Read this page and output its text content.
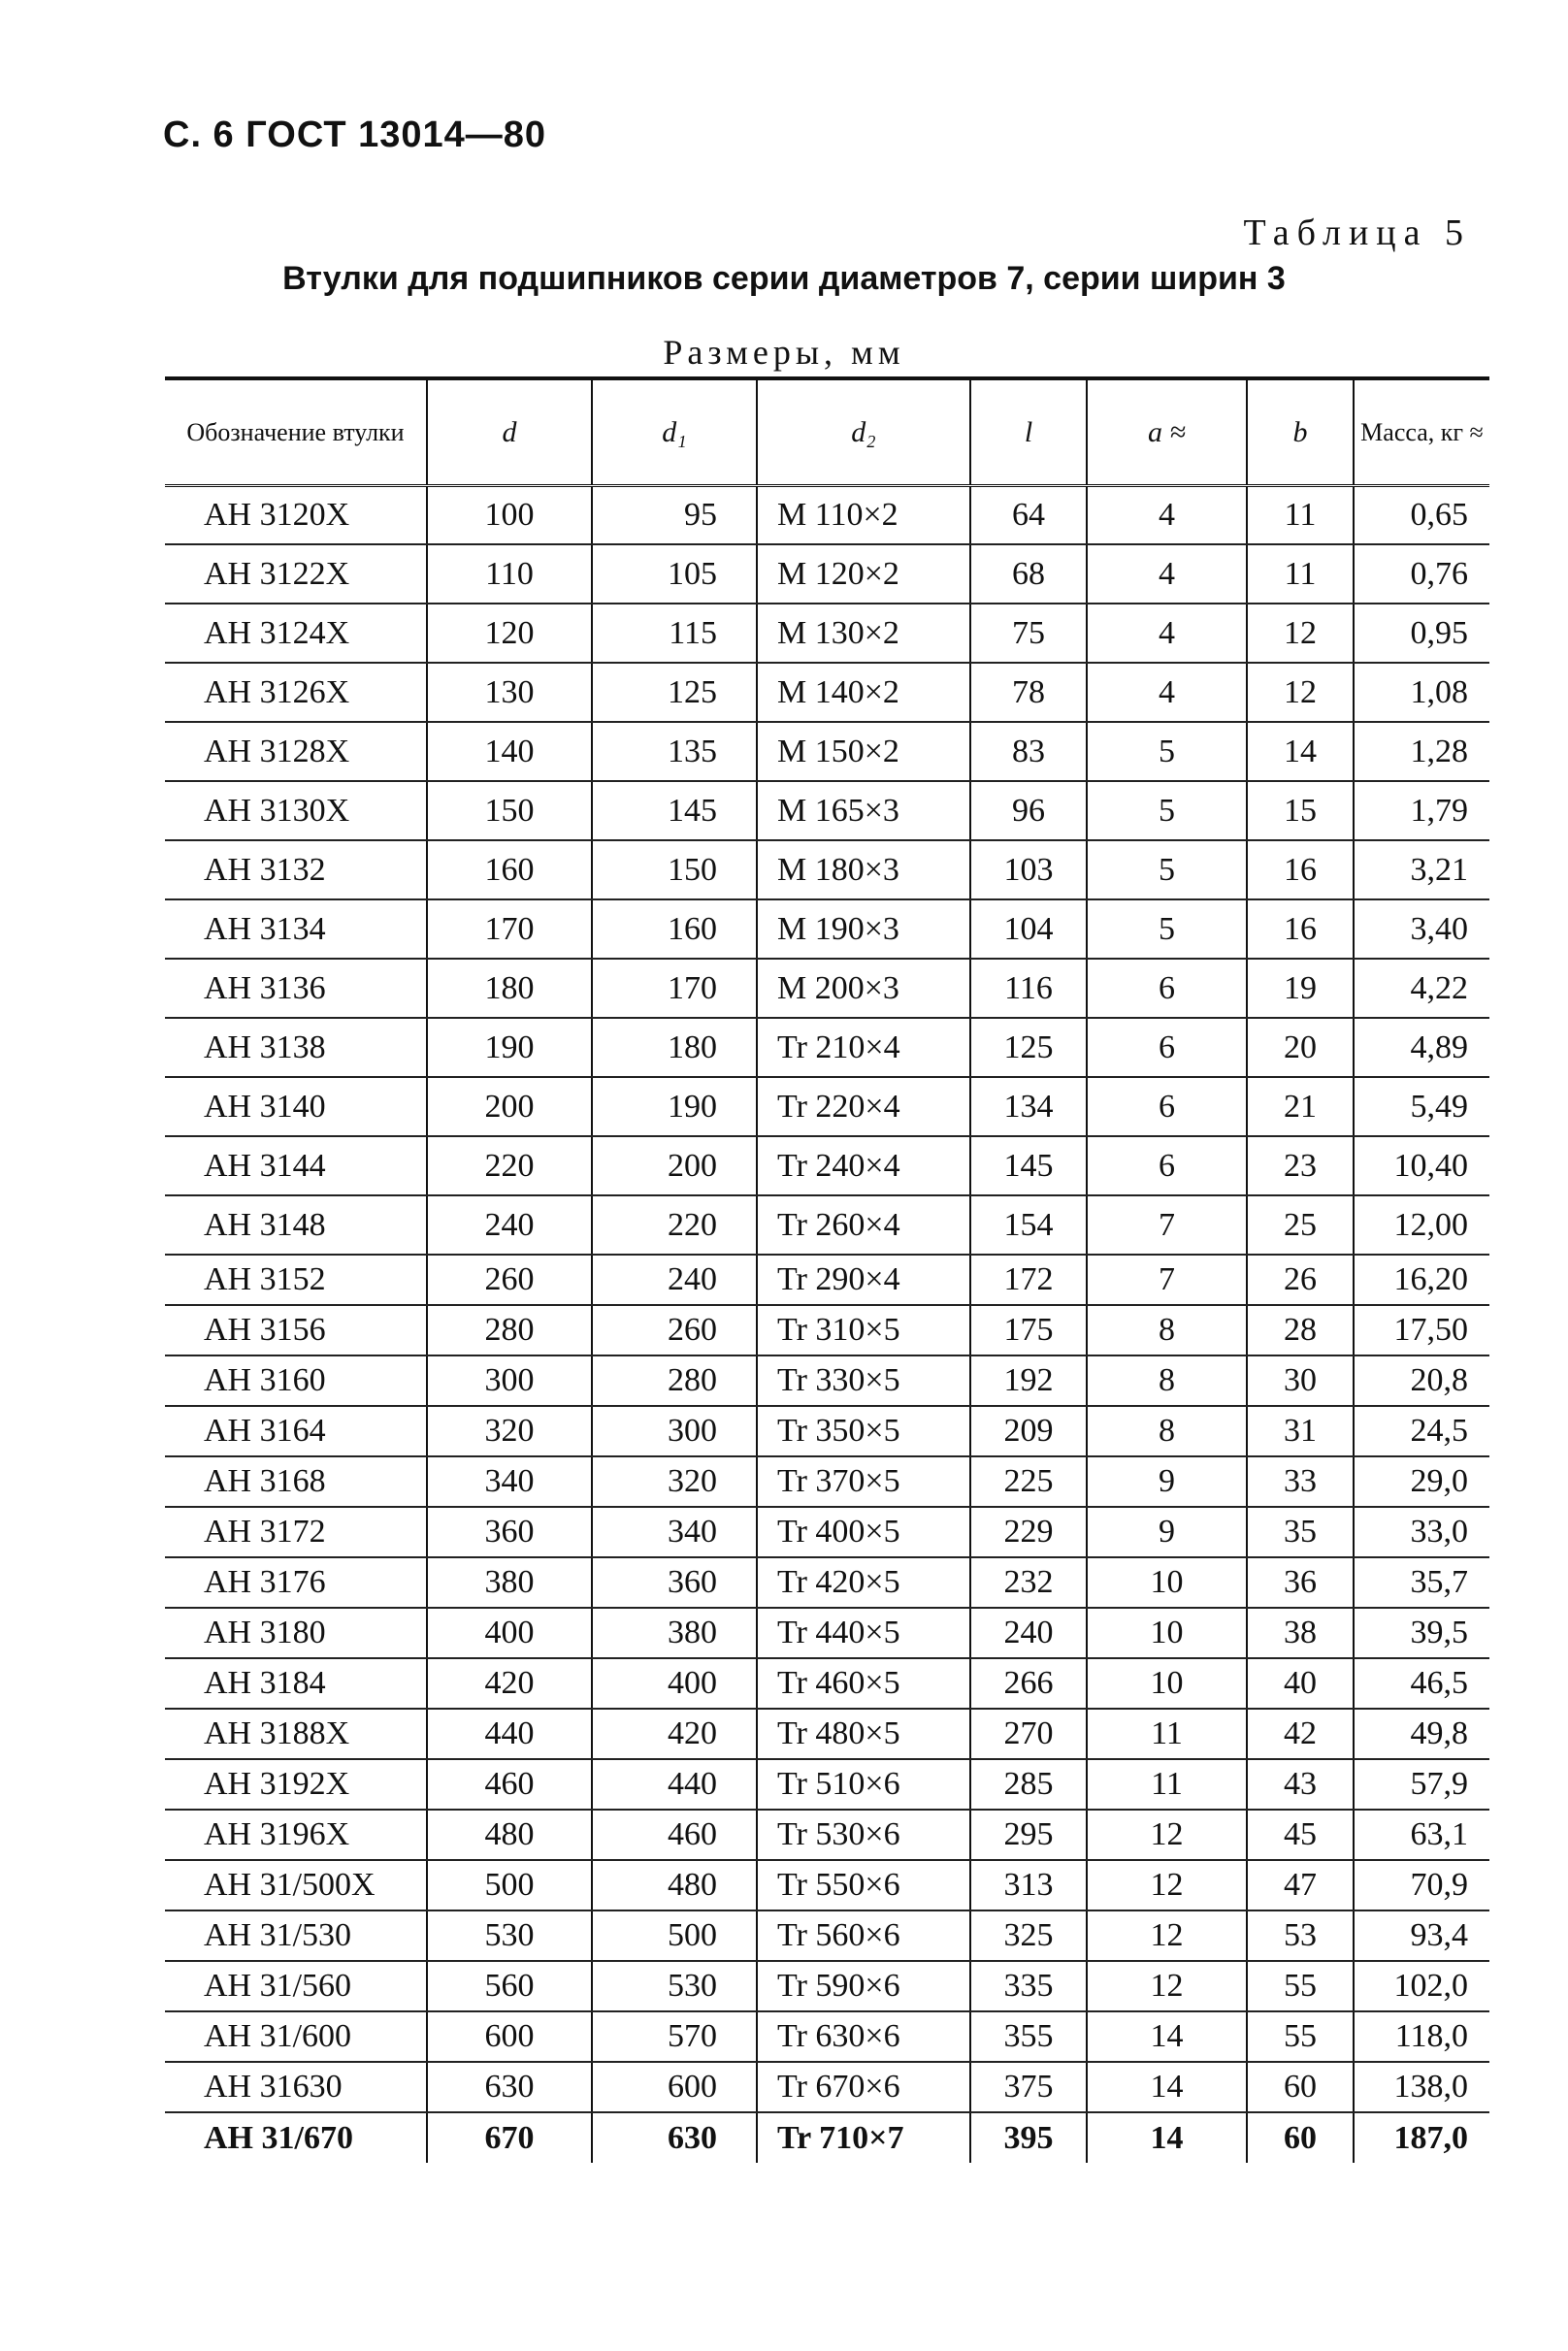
С. 6 ГОСТ 13014—80
Таблица 5
Втулки для подшипников серии диаметров 7, серии ширин 3
Размеры, мм
Обозначение втулки	d	d₁	d₂	l	a ≈	b	Масса, кг ≈
АН 3120Х	100	95	М 110×2	64	4	11	0,65
АН 3122Х	110	105	М 120×2	68	4	11	0,76
АН 3124Х	120	115	М 130×2	75	4	12	0,95
АН 3126Х	130	125	М 140×2	78	4	12	1,08
АН 3128Х	140	135	М 150×2	83	5	14	1,28
АН 3130Х	150	145	М 165×3	96	5	15	1,79
АН 3132	160	150	М 180×3	103	5	16	3,21
АН 3134	170	160	М 190×3	104	5	16	3,40
АН 3136	180	170	М 200×3	116	6	19	4,22
АН 3138	190	180	Tr 210×4	125	6	20	4,89
АН 3140	200	190	Tr 220×4	134	6	21	5,49
АН 3144	220	200	Tr 240×4	145	6	23	10,40
АН 3148	240	220	Tr 260×4	154	7	25	12,00
АН 3152	260	240	Tr 290×4	172	7	26	16,20
АН 3156	280	260	Tr 310×5	175	8	28	17,50
АН 3160	300	280	Tr 330×5	192	8	30	20,8
АН 3164	320	300	Tr 350×5	209	8	31	24,5
АН 3168	340	320	Tr 370×5	225	9	33	29,0
АН 3172	360	340	Tr 400×5	229	9	35	33,0
АН 3176	380	360	Tr 420×5	232	10	36	35,7
АН 3180	400	380	Tr 440×5	240	10	38	39,5
АН 3184	420	400	Tr 460×5	266	10	40	46,5
АН 3188Х	440	420	Tr 480×5	270	11	42	49,8
АН 3192Х	460	440	Tr 510×6	285	11	43	57,9
АН 3196Х	480	460	Tr 530×6	295	12	45	63,1
АН 31/500Х	500	480	Tr 550×6	313	12	47	70,9
АН 31/530	530	500	Tr 560×6	325	12	53	93,4
АН 31/560	560	530	Tr 590×6	335	12	55	102,0
АН 31/600	600	570	Tr 630×6	355	14	55	118,0
АН 31630	630	600	Tr 670×6	375	14	60	138,0
АН 31/670	670	630	Tr 710×7	395	14	60	187,0
